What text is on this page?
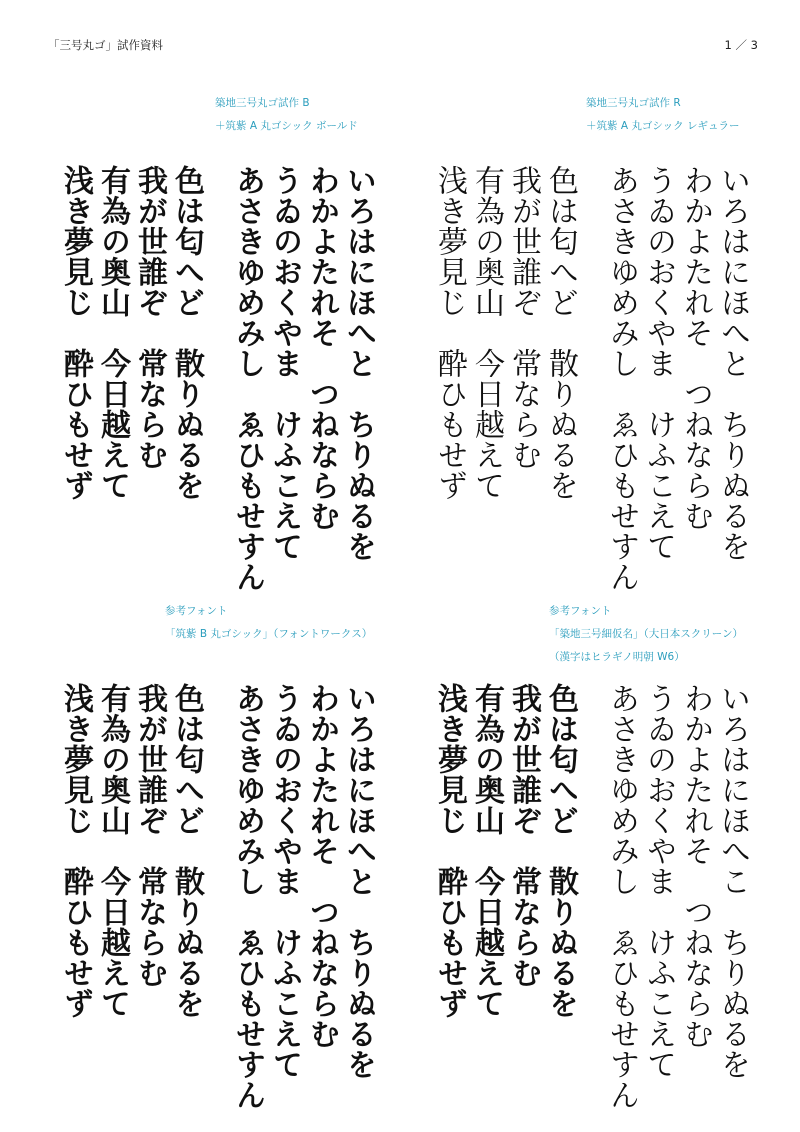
「三号丸ゴ」試作資料	1 ／ 3
築地三号丸ゴ試作 B
＋筑紫 A 丸ゴシック ボールド
いろはにほへと　ちりぬるを
わかよたれそ　つねならむ
うゐのおくやま　けふこえて
あさきゆめみし　ゑひもせすん
色は匂へど　散りぬるを
我が世誰ぞ　常ならむ
有為の奥山　今日越えて
浅き夢見じ　酔ひもせず
築地三号丸ゴ試作 R
＋筑紫 A 丸ゴシック レギュラー
いろはにほへと　ちりぬるを
わかよたれそ　つねならむ
うゐのおくやま　けふこえて
あさきゆめみし　ゑひもせすん
色は匂へど　散りぬるを
我が世誰ぞ　常ならむ
有為の奥山　今日越えて
浅き夢見じ　酔ひもせず
参考フォント
「筑紫 B 丸ゴシック」（フォントワークス）
いろはにほへと　ちりぬるを
わかよたれそ　つねならむ
うゐのおくやま　けふこえて
あさきゆめみし　ゑひもせすん
色は匂へど　散りぬるを
我が世誰ぞ　常ならむ
有為の奥山　今日越えて
浅き夢見じ　酔ひもせず
参考フォント
「築地三号細仮名」（大日本スクリーン）
（漢字はヒラギノ明朝 W6）
いろはにほへこ　ちりぬるを
わかよたれそ　つねならむ
うゐのおくやま　けふこえて
あさきゆめみし　ゑひもせすん
色は匂へど　散りぬるを
我が世誰ぞ　常ならむ
有為の奥山　今日越えて
浅き夢見じ　酔ひもせず
